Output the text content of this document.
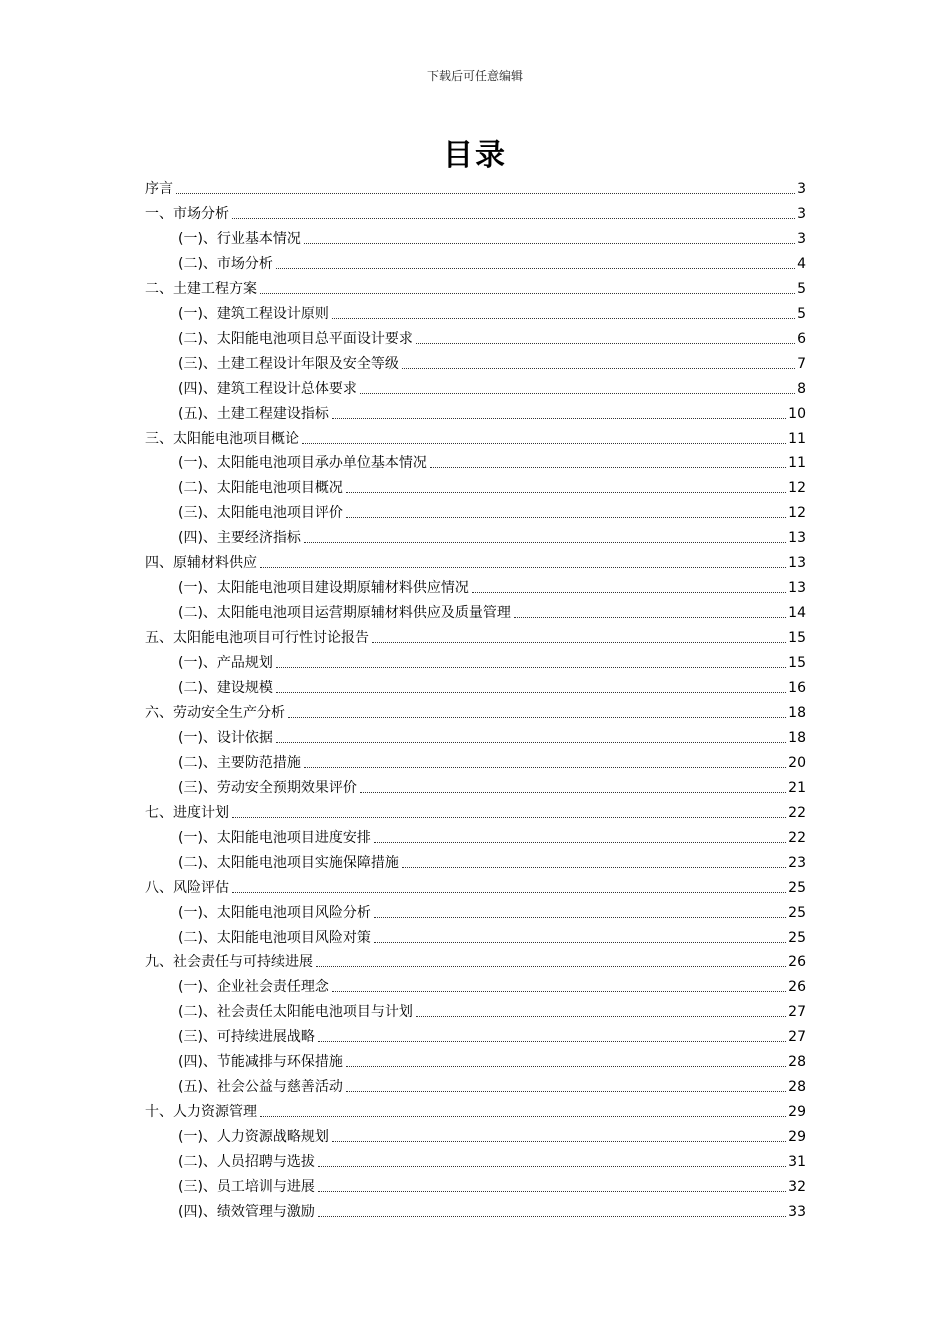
下载后可任意编辑
目录
序言	3
一、市场分析	3
(一)、行业基本情况	3
(二)、市场分析	4
二、土建工程方案	5
(一)、建筑工程设计原则	5
(二)、太阳能电池项目总平面设计要求	6
(三)、土建工程设计年限及安全等级	7
(四)、建筑工程设计总体要求	8
(五)、土建工程建设指标	10
三、太阳能电池项目概论	11
(一)、太阳能电池项目承办单位基本情况	11
(二)、太阳能电池项目概况	12
(三)、太阳能电池项目评价	12
(四)、主要经济指标	13
四、原辅材料供应	13
(一)、太阳能电池项目建设期原辅材料供应情况	13
(二)、太阳能电池项目运营期原辅材料供应及质量管理	14
五、太阳能电池项目可行性讨论报告	15
(一)、产品规划	15
(二)、建设规模	16
六、劳动安全生产分析	18
(一)、设计依据	18
(二)、主要防范措施	20
(三)、劳动安全预期效果评价	21
七、进度计划	22
(一)、太阳能电池项目进度安排	22
(二)、太阳能电池项目实施保障措施	23
八、风险评估	25
(一)、太阳能电池项目风险分析	25
(二)、太阳能电池项目风险对策	25
九、社会责任与可持续进展	26
(一)、企业社会责任理念	26
(二)、社会责任太阳能电池项目与计划	27
(三)、可持续进展战略	27
(四)、节能减排与环保措施	28
(五)、社会公益与慈善活动	28
十、人力资源管理	29
(一)、人力资源战略规划	29
(二)、人员招聘与选拔	31
(三)、员工培训与进展	32
(四)、绩效管理与激励	33
